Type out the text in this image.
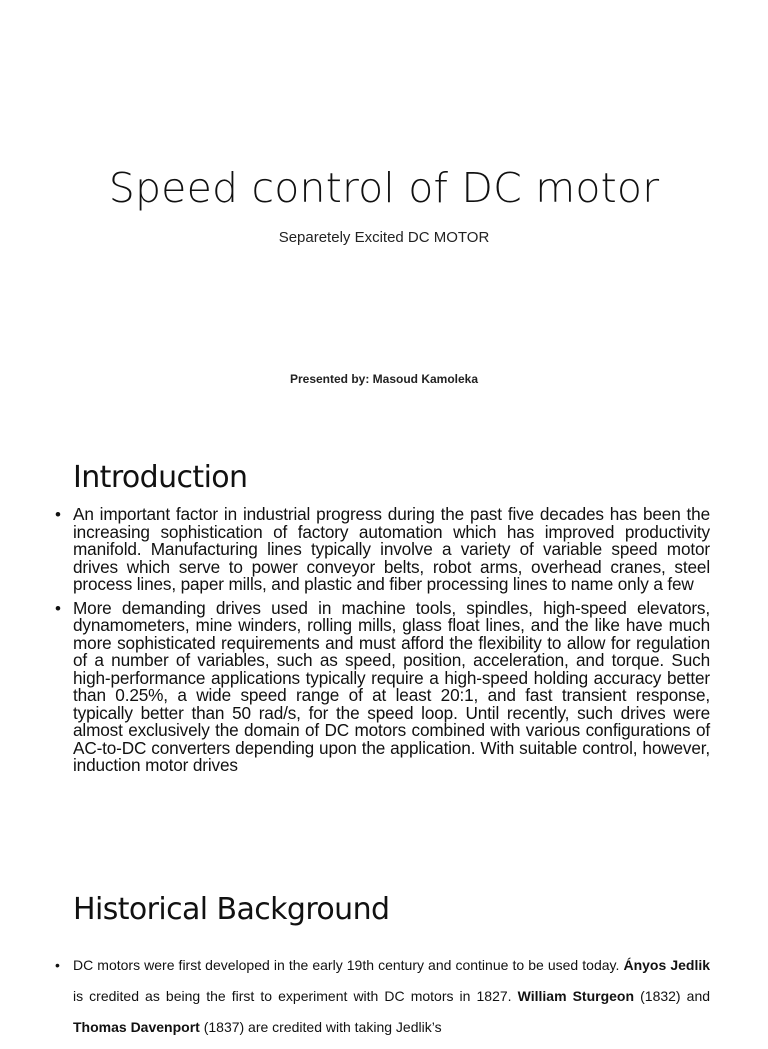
Speed control of DC motor
Separetely Excited DC MOTOR
Presented by: Masoud Kamoleka
Introduction
• An important factor in industrial progress during the past five decades has been the increasing sophistication of factory automation which has improved productivity manifold. Manufacturing lines typically involve a variety of variable speed motor drives which serve to power conveyor belts, robot arms, overhead cranes, steel process lines, paper mills, and plastic and fiber processing lines to name only a few
• More demanding drives used in machine tools, spindles, high-speed elevators, dynamometers, mine winders, rolling mills, glass float lines, and the like have much more sophisticated requirements and must afford the flexibility to allow for regulation of a number of variables, such as speed, position, acceleration, and torque. Such high-performance applications typically require a high-speed holding accuracy better than 0.25%, a wide speed range of at least 20:1, and fast transient response, typically better than 50 rad/s, for the speed loop. Until recently, such drives were almost exclusively the domain of DC motors combined with various configurations of AC-to-DC converters depending upon the application. With suitable control, however, induction motor drives
Historical Background
• DC motors were first developed in the early 19th century and continue to be used today. Ányos Jedlik is credited as being the first to experiment with DC motors in 1827. William Sturgeon (1832) and Thomas Davenport (1837) are credited with taking Jedlik’s
